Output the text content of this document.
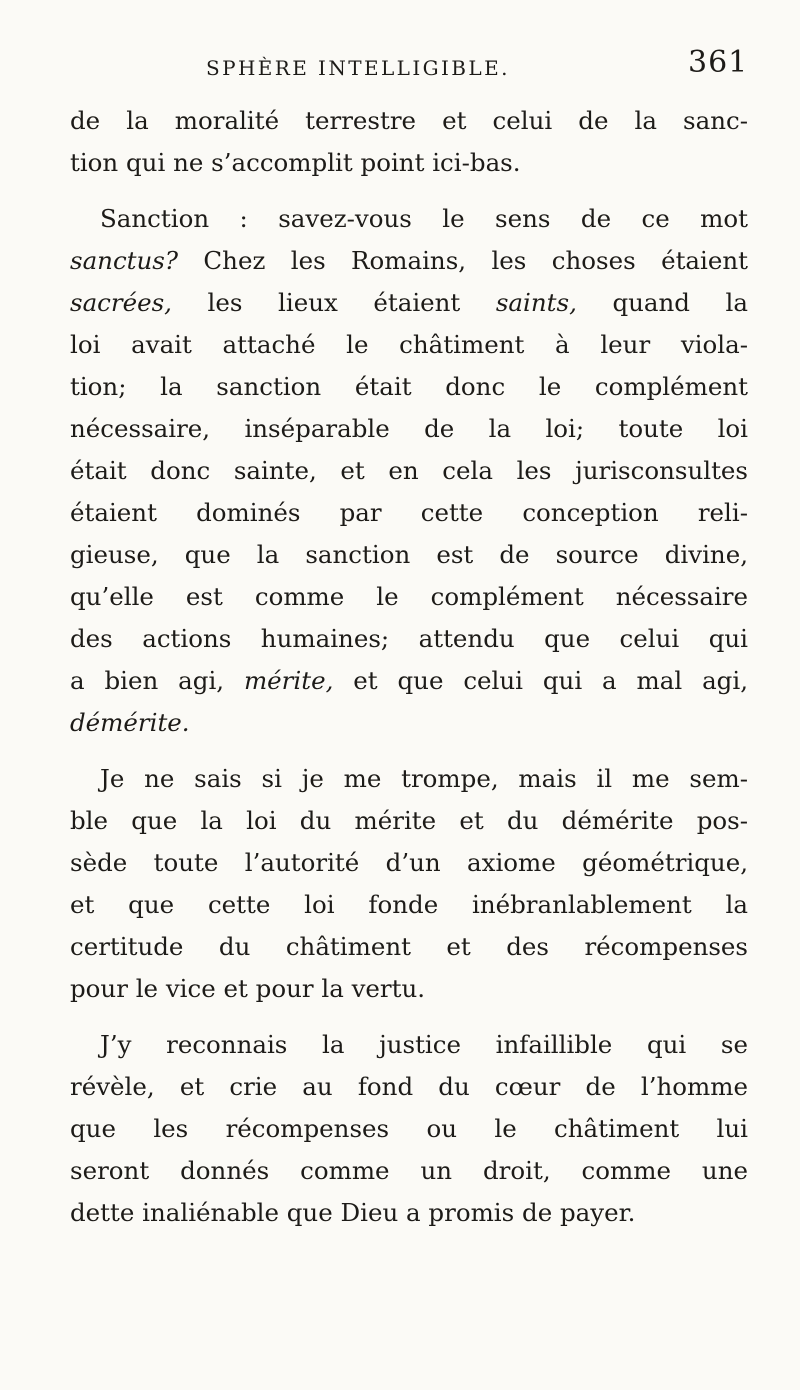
SPHÈRE INTELLIGIBLE.	361
de la moralité terrestre et celui de la sanc-
tion qui ne s’accomplit point ici-bas.
Sanction : savez-vous le sens de ce mot
sanctus? Chez les Romains, les choses étaient
sacrées, les lieux étaient saints, quand la
loi avait attaché le châtiment à leur viola-
tion; la sanction était donc le complément
nécessaire, inséparable de la loi; toute loi
était donc sainte, et en cela les jurisconsultes
étaient dominés par cette conception reli-
gieuse, que la sanction est de source divine,
qu’elle est comme le complément nécessaire
des actions humaines; attendu que celui qui
a bien agi, mérite, et que celui qui a mal agi,
démérite.
Je ne sais si je me trompe, mais il me sem-
ble que la loi du mérite et du démérite pos-
sède toute l’autorité d’un axiome géométrique,
et que cette loi fonde inébranlablement la
certitude du châtiment et des récompenses
pour le vice et pour la vertu.
J’y reconnais la justice infaillible qui se
révèle, et crie au fond du cœur de l’homme
que les récompenses ou le châtiment lui
seront donnés comme un droit, comme une
dette inaliénable que Dieu a promis de payer.
